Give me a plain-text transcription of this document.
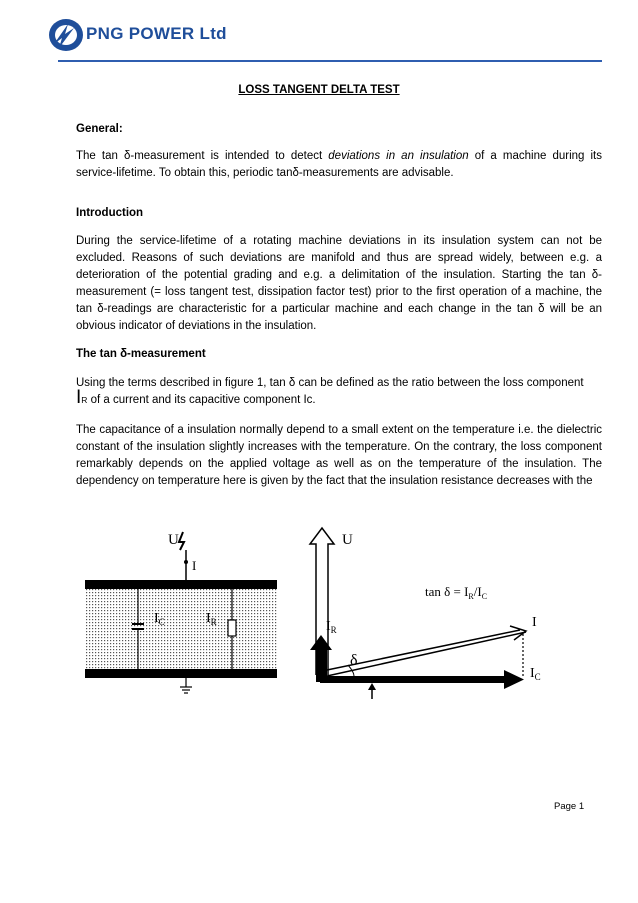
PNG POWER Ltd
LOSS TANGENT DELTA TEST
General:

The tan δ-measurement is intended to detect deviations in an insulation of a machine during its service-lifetime. To obtain this, periodic tanδ-measurements are advisable.

Introduction

During the service-lifetime of a rotating machine deviations in its insulation system can not be excluded. Reasons of such deviations are manifold and thus are spread widely, between e.g. a deterioration of the potential grading and e.g. a delimitation of the insulation. Starting the tan δ-measurement (= loss tangent test, dissipation factor test) prior to the first operation of a machine, the tan δ-readings are characteristic for a particular machine and each change in the tan δ will be an obvious indicator of deviations in the insulation.

The tan δ-measurement

Using the terms described in figure 1, tan δ can be defined as the ratio between the loss component
IR of a current and its capacitive component Ic.

The capacitance of a insulation normally depend to a small extent on the temperature i.e. the dielectric constant of the insulation slightly increases with the temperature. On the contrary, the loss component remarkably depends on the applied voltage as well as on the temperature of the insulation. The dependency on temperature here is given by the fact that the insulation resistance decreases with the

U
I
$I_C$	$I_R$
U
$I_R$
$I_C$
I
δ
$\tan \delta = I_R/I_C$
Page 1
